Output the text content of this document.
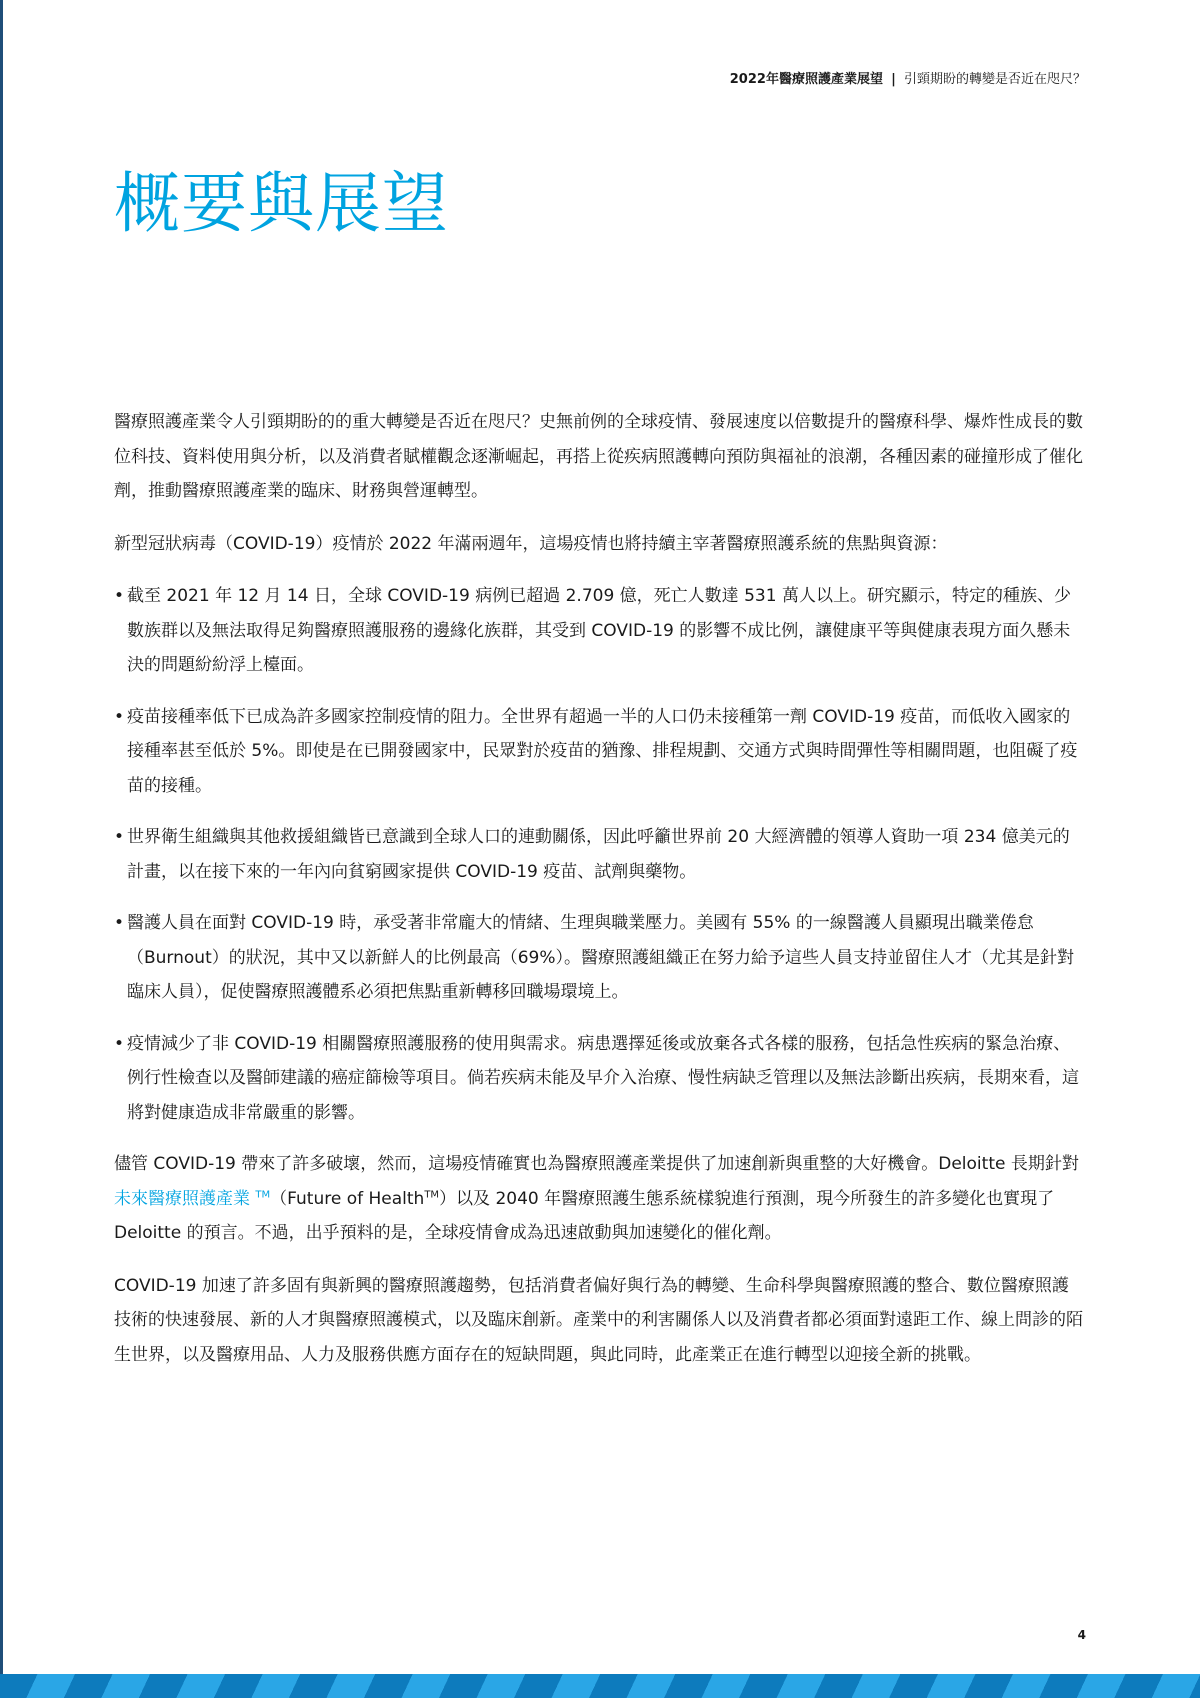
2022年醫療照護產業展望 | 引頸期盼的轉變是否近在咫尺？
概要與展望

醫療照護產業令人引頸期盼的的重大轉變是否近在咫尺？史無前例的全球疫情、發展速度以倍數提升的醫療科學、爆炸性成長的數位科技、資料使用與分析，以及消費者賦權觀念逐漸崛起，再搭上從疾病照護轉向預防與福祉的浪潮，各種因素的碰撞形成了催化劑，推動醫療照護產業的臨床、財務與營運轉型。

新型冠狀病毒（COVID-19）疫情於 2022 年滿兩週年，這場疫情也將持續主宰著醫療照護系統的焦點與資源：

• 截至 2021 年 12 月 14 日，全球 COVID-19 病例已超過 2.709 億，死亡人數達 531 萬人以上。研究顯示，特定的種族、少數族群以及無法取得足夠醫療照護服務的邊緣化族群，其受到 COVID-19 的影響不成比例，讓健康平等與健康表現方面久懸未決的問題紛紛浮上檯面。
• 疫苗接種率低下已成為許多國家控制疫情的阻力。全世界有超過一半的人口仍未接種第一劑 COVID-19 疫苗，而低收入國家的接種率甚至低於 5%。即使是在已開發國家中，民眾對於疫苗的猶豫、排程規劃、交通方式與時間彈性等相關問題，也阻礙了疫苗的接種。
• 世界衛生組織與其他救援組織皆已意識到全球人口的連動關係，因此呼籲世界前 20 大經濟體的領導人資助一項 234 億美元的計畫，以在接下來的一年內向貧窮國家提供 COVID-19 疫苗、試劑與藥物。
• 醫護人員在面對 COVID-19 時，承受著非常龐大的情緒、生理與職業壓力。美國有 55% 的一線醫護人員顯現出職業倦怠（Burnout）的狀況，其中又以新鮮人的比例最高（69%）。醫療照護組織正在努力給予這些人員支持並留住人才（尤其是針對臨床人員），促使醫療照護體系必須把焦點重新轉移回職場環境上。
• 疫情減少了非 COVID-19 相關醫療照護服務的使用與需求。病患選擇延後或放棄各式各樣的服務，包括急性疾病的緊急治療、例行性檢查以及醫師建議的癌症篩檢等項目。倘若疾病未能及早介入治療、慢性病缺乏管理以及無法診斷出疾病，長期來看，這將對健康造成非常嚴重的影響。

儘管 COVID-19 帶來了許多破壞，然而，這場疫情確實也為醫療照護產業提供了加速創新與重整的大好機會。Deloitte 長期針對未來醫療照護產業 ™（Future of Health™）以及 2040 年醫療照護生態系統樣貌進行預測，現今所發生的許多變化也實現了 Deloitte 的預言。不過，出乎預料的是，全球疫情會成為迅速啟動與加速變化的催化劑。

COVID-19 加速了許多固有與新興的醫療照護趨勢，包括消費者偏好與行為的轉變、生命科學與醫療照護的整合、數位醫療照護技術的快速發展、新的人才與醫療照護模式，以及臨床創新。產業中的利害關係人以及消費者都必須面對遠距工作、線上問診的陌生世界，以及醫療用品、人力及服務供應方面存在的短缺問題，與此同時，此產業正在進行轉型以迎接全新的挑戰。

4
